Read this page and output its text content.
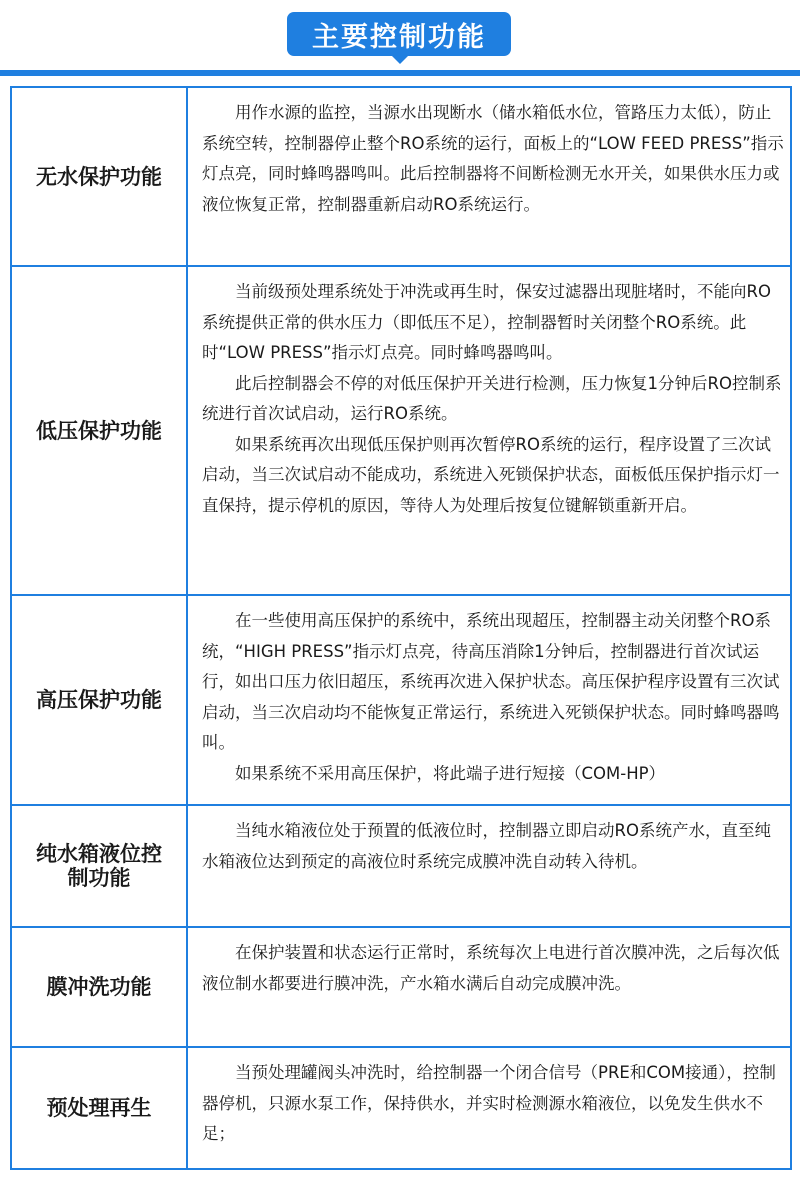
主要控制功能
无水保护功能

用作水源的监控，当源水出现断水（储水箱低水位，管路压力太低），防止系统空转，控制器停止整个RO系统的运行，面板上的“LOW FEED PRESS”指示灯点亮，同时蜂鸣器鸣叫。此后控制器将不间断检测无水开关，如果供水压力或液位恢复正常，控制器重新启动RO系统运行。

低压保护功能

当前级预处理系统处于冲洗或再生时，保安过滤器出现脏堵时，不能向RO系统提供正常的供水压力（即低压不足），控制器暂时关闭整个RO系统。此时“LOW PRESS”指示灯点亮。同时蜂鸣器鸣叫。

此后控制器会不停的对低压保护开关进行检测，压力恢复1分钟后RO控制系统进行首次试启动，运行RO系统。

如果系统再次出现低压保护则再次暂停RO系统的运行，程序设置了三次试启动，当三次试启动不能成功，系统进入死锁保护状态，面板低压保护指示灯一直保持，提示停机的原因，等待人为处理后按复位键解锁重新开启。

高压保护功能

在一些使用高压保护的系统中，系统出现超压，控制器主动关闭整个RO系统，“HIGH PRESS”指示灯点亮，待高压消除1分钟后，控制器进行首次试运行，如出口压力依旧超压，系统再次进入保护状态。高压保护程序设置有三次试启动，当三次启动均不能恢复正常运行，系统进入死锁保护状态。同时蜂鸣器鸣叫。

如果系统不采用高压保护，将此端子进行短接（COM-HP）

纯水箱液位控制功能

当纯水箱液位处于预置的低液位时，控制器立即启动RO系统产水，直至纯水箱液位达到预定的高液位时系统完成膜冲洗自动转入待机。

膜冲洗功能

在保护装置和状态运行正常时，系统每次上电进行首次膜冲洗，之后每次低液位制水都要进行膜冲洗，产水箱水满后自动完成膜冲洗。

预处理再生

当预处理罐阀头冲洗时，给控制器一个闭合信号（PRE和COM接通），控制器停机，只源水泵工作，保持供水，并实时检测源水箱液位，以免发生供水不足；
